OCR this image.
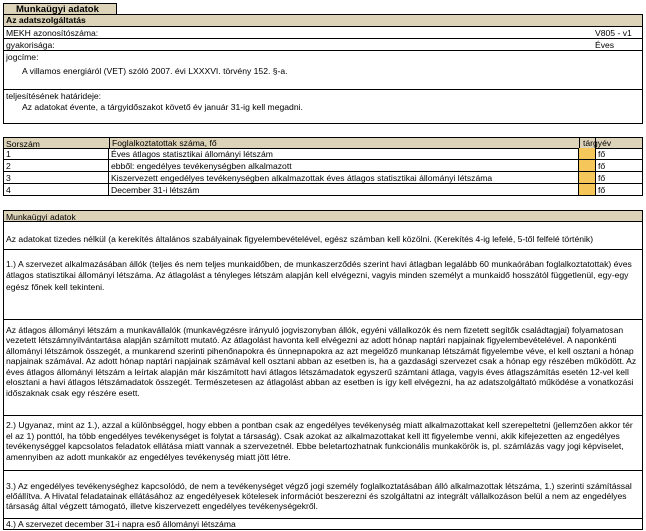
Munkaügyi adatok
Az adatszolgáltatás
MEKH azonosítószáma:	V805 - v1
gyakorisága:	Éves
jogcíme:
A villamos energiáról (VET) szóló 2007. évi LXXXVI. törvény 152. §-a.
teljesítésének határideje:
Az adatokat évente, a tárgyidőszakot követő év január 31-ig kell megadni.
Sorszám	Foglalkoztatottak száma, fő	tárgyév
1	Éves átlagos statisztikai állományi létszám	fő
2	ebből: engedélyes tevékenységben alkalmazott	fő
3	Kiszervezett engedélyes tevékenységben alkalmazottak éves átlagos statisztikai állományi létszáma	fő
4	December 31-i létszám	fő
Munkaügyi adatok
Az adatokat tizedes nélkül (a kerekítés általános szabályainak figyelembevételével, egész számban kell közölni. (Kerekítés 4-ig lefelé, 5-től felfelé történik)
1.) A szervezet alkalmazásában állók (teljes és nem teljes munkaidőben, de munkaszerződés szerint havi átlagban legalább 60 munkaórában foglalkoztatottak) éves átlagos statisztikai állományi létszáma. Az átlagolást a tényleges létszám alapján kell elvégezni, vagyis minden személyt a munkaidő hosszától függetlenül, egy-egy egész főnek kell tekinteni.
Az átlagos állományi létszám a munkavállalók (munkavégzésre irányuló jogviszonyban állók, egyéni vállalkozók és nem fizetett segítők családtagjai) folyamatosan vezetett létszámnyilvántartása alapján számított mutató. Az átlagolást havonta kell elvégezni az adott hónap naptári napjainak figyelembevételével. A naponkénti állományi létszámok összegét, a munkarend szerinti pihenőnapokra és ünnepnapokra az azt megelőző munkanap létszámát figyelembe véve, el kell osztani a hónap napjainak számával. Az adott hónap naptári napjainak számával kell osztani abban az esetben is, ha a gazdasági szervezet csak a hónap egy részében működött. Az éves átlagos állományi létszám a leírtak alapján már kiszámított havi átlagos létszámadatok egyszerű számtani átlaga, vagyis éves átlagszámítás esetén 12-vel kell elosztani a havi átlagos létszámadatok összegét. Természetesen az átlagolást abban az esetben is így kell elvégezni, ha az adatszolgáltató működése a vonatkozási időszaknak csak egy részére esett.
2.) Ugyanaz, mint az 1.), azzal a különbséggel, hogy ebben a pontban csak az engedélyes tevékenység miatt alkalmazottakat kell szerepeltetni (jellemzően akkor tér el az 1) ponttól, ha több engedélyes tevékenységet is folytat a társaság). Csak azokat az alkalmazottakat kell itt figyelembe venni, akik kifejezetten az engedélyes tevékenységgel kapcsolatos feladatok ellátása miatt vannak a szervezetnél. Ebbe beletartozhatnak funkcionális munkakörök is, pl. számlázás vagy jogi képviselet, amennyiben az adott munkakör az engedélyes tevékenység miatt jött létre.
3.) Az engedélyes tevékenységhez kapcsolódó, de nem a tevékenységet végző jogi személy foglalkoztatásában álló alkalmazottak létszáma, 1.) szerinti számítással előállítva. A Hivatal feladatainak ellátásához az engedélyesek kötelesek információt beszerezni és szolgáltatni az integrált vállalkozáson belül a nem az engedélyes társaság által végzett támogató, illetve kiszervezett engedélyes tevékenységekről.
4.) A szervezet december 31-i napra eső állományi létszáma
